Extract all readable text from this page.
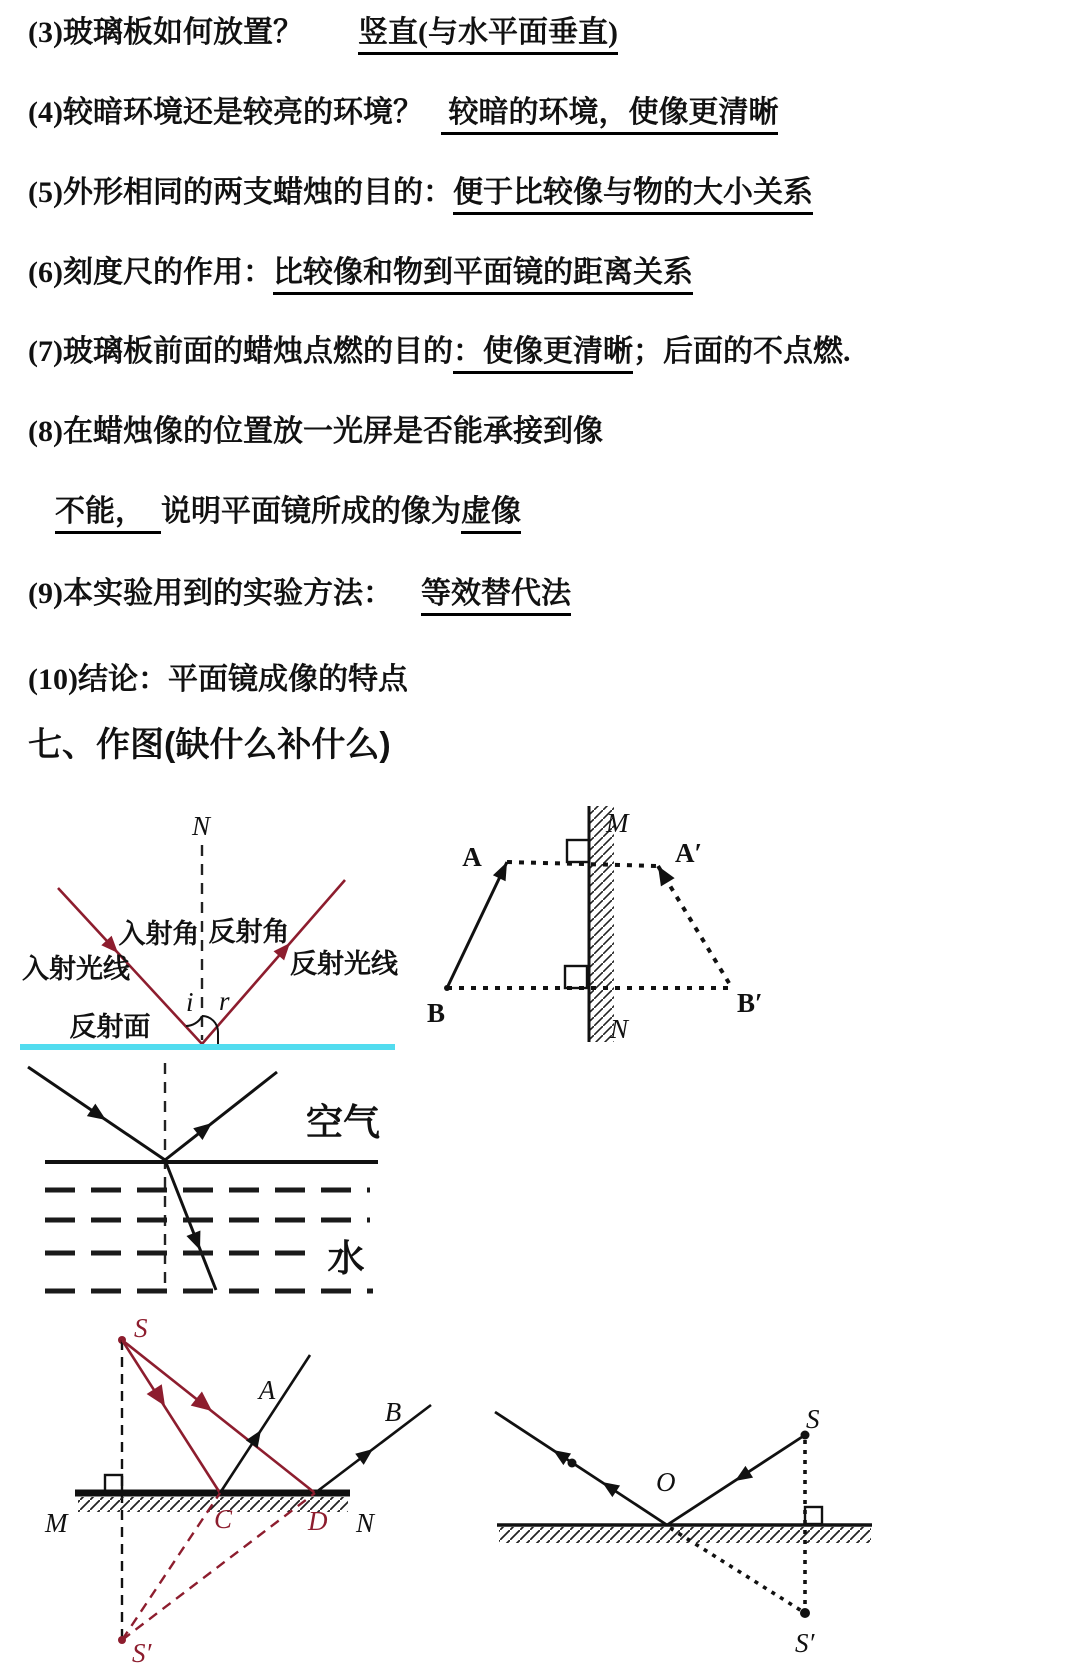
(3)玻璃板如何放置？ 竖直(与水平面垂直)

(4)较暗环境还是较亮的环境？ 较暗的环境，使像更清晰

(5)外形相同的两支蜡烛的目的：便于比较像与物的大小关系

(6)刻度尺的作用：比较像和物到平面镜的距离关系

(7)玻璃板前面的蜡烛点燃的目的：使像更清晰；后面的不点燃.

(8)在蜡烛像的位置放一光屏是否能承接到像

不能， 说明平面镜所成的像为虚像

(9)本实验用到的实验方法： 等效替代法

(10)结论：平面镜成像的特点

七、作图(缺什么补什么)
N
入射角 反射角
入射光线	反射光线
i r
反射面
M
N
A
B
A′
B′
空气
水
S
M	N
C	D
A
B
S′
O
S
S′
